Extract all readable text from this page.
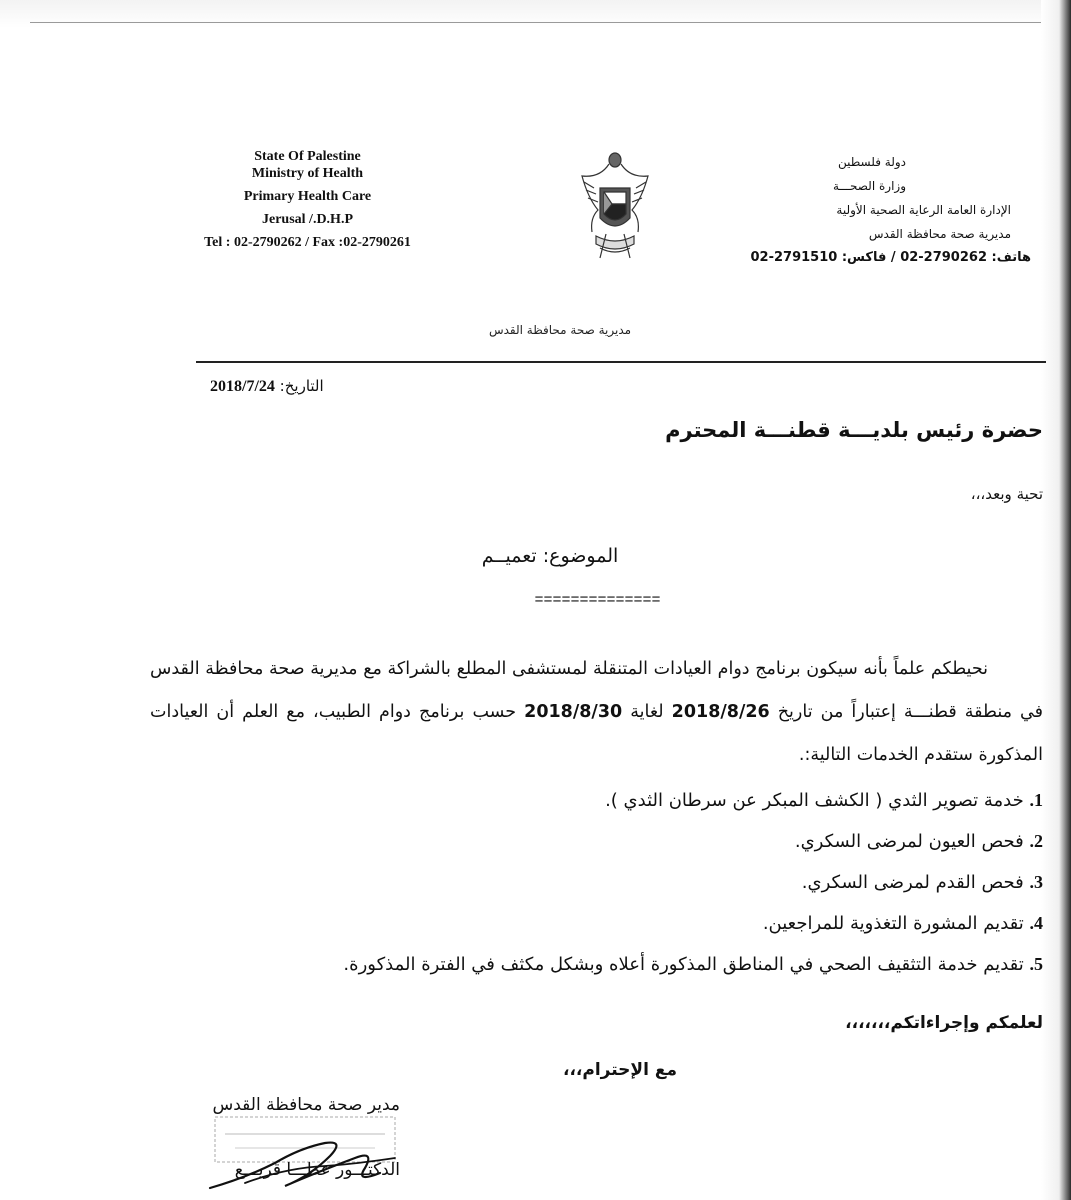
State Of Palestine
Ministry of Health
Primary Health Care
Jerusal /.D.H.P
Tel : 02-2790262 / Fax :02-2790261
دولة فلسطين
وزارة الصحـــة
الإدارة العامة الرعاية الصحية الأولية
مديرية صحة محافظة القدس
هاتف: 02-2790262 / فاكس: 02-2791510
مديرية صحة محافظة القدس
التاريخ: 2018/7/24
حضرة رئيس بلديـــة قطنـــة المحترم
تحية وبعد،،،
الموضوع: تعميــم
==============
نحيطكم علماً بأنه سيكون برنامج دوام العيادات المتنقلة لمستشفى المطلع بالشراكة مع مديرية صحة محافظة القدس في منطقة قطنـــة إعتباراً من تاريخ 2018/8/26 لغاية 2018/8/30 حسب برنامج دوام الطبيب، مع العلم أن العيادات المذكورة ستقدم الخدمات التالية:.
1. خدمة تصوير الثدي ( الكشف المبكر عن سرطان الثدي ).
2. فحص العيون لمرضى السكري.
3. فحص القدم لمرضى السكري.
4. تقديم المشورة التغذوية للمراجعين.
5. تقديم خدمة التثقيف الصحي في المناطق المذكورة أعلاه وبشكل مكثف في الفترة المذكورة.
لعلمكم وإجراءاتكم،،،،،،،
مع الإحترام،،،
مدير صحة محافظة القدس
الدكتـــور عطـــا قريـــع
